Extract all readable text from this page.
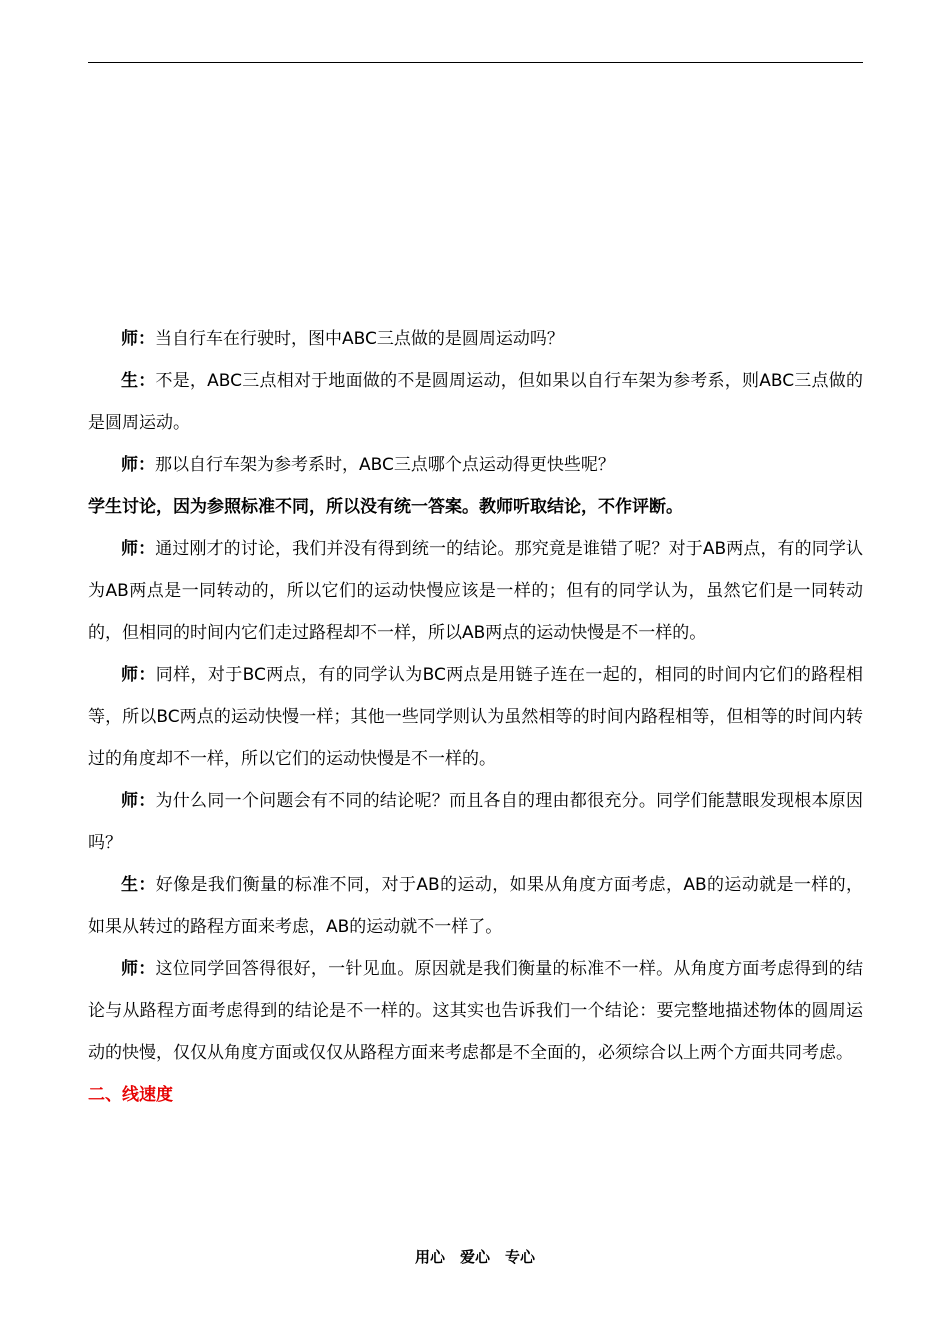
师：当自行车在行驶时，图中ABC三点做的是圆周运动吗？

生：不是，ABC三点相对于地面做的不是圆周运动，但如果以自行车架为参考系，则ABC三点做的是圆周运动。

师：那以自行车架为参考系时，ABC三点哪个点运动得更快些呢？

学生讨论，因为参照标准不同，所以没有统一答案。教师听取结论，不作评断。

师：通过刚才的讨论，我们并没有得到统一的结论。那究竟是谁错了呢？对于AB两点，有的同学认为AB两点是一同转动的，所以它们的运动快慢应该是一样的；但有的同学认为，虽然它们是一同转动的，但相同的时间内它们走过路程却不一样，所以AB两点的运动快慢是不一样的。

师：同样，对于BC两点，有的同学认为BC两点是用链子连在一起的，相同的时间内它们的路程相等，所以BC两点的运动快慢一样；其他一些同学则认为虽然相等的时间内路程相等，但相等的时间内转过的角度却不一样，所以它们的运动快慢是不一样的。

师：为什么同一个问题会有不同的结论呢？而且各自的理由都很充分。同学们能慧眼发现根本原因吗？

生：好像是我们衡量的标准不同，对于AB的运动，如果从角度方面考虑，AB的运动就是一样的，如果从转过的路程方面来考虑，AB的运动就不一样了。

师：这位同学回答得很好，一针见血。原因就是我们衡量的标准不一样。从角度方面考虑得到的结论与从路程方面考虑得到的结论是不一样的。这其实也告诉我们一个结论：要完整地描述物体的圆周运动的快慢，仅仅从角度方面或仅仅从路程方面来考虑都是不全面的，必须综合以上两个方面共同考虑。

二、线速度

用心　爱心　专心
